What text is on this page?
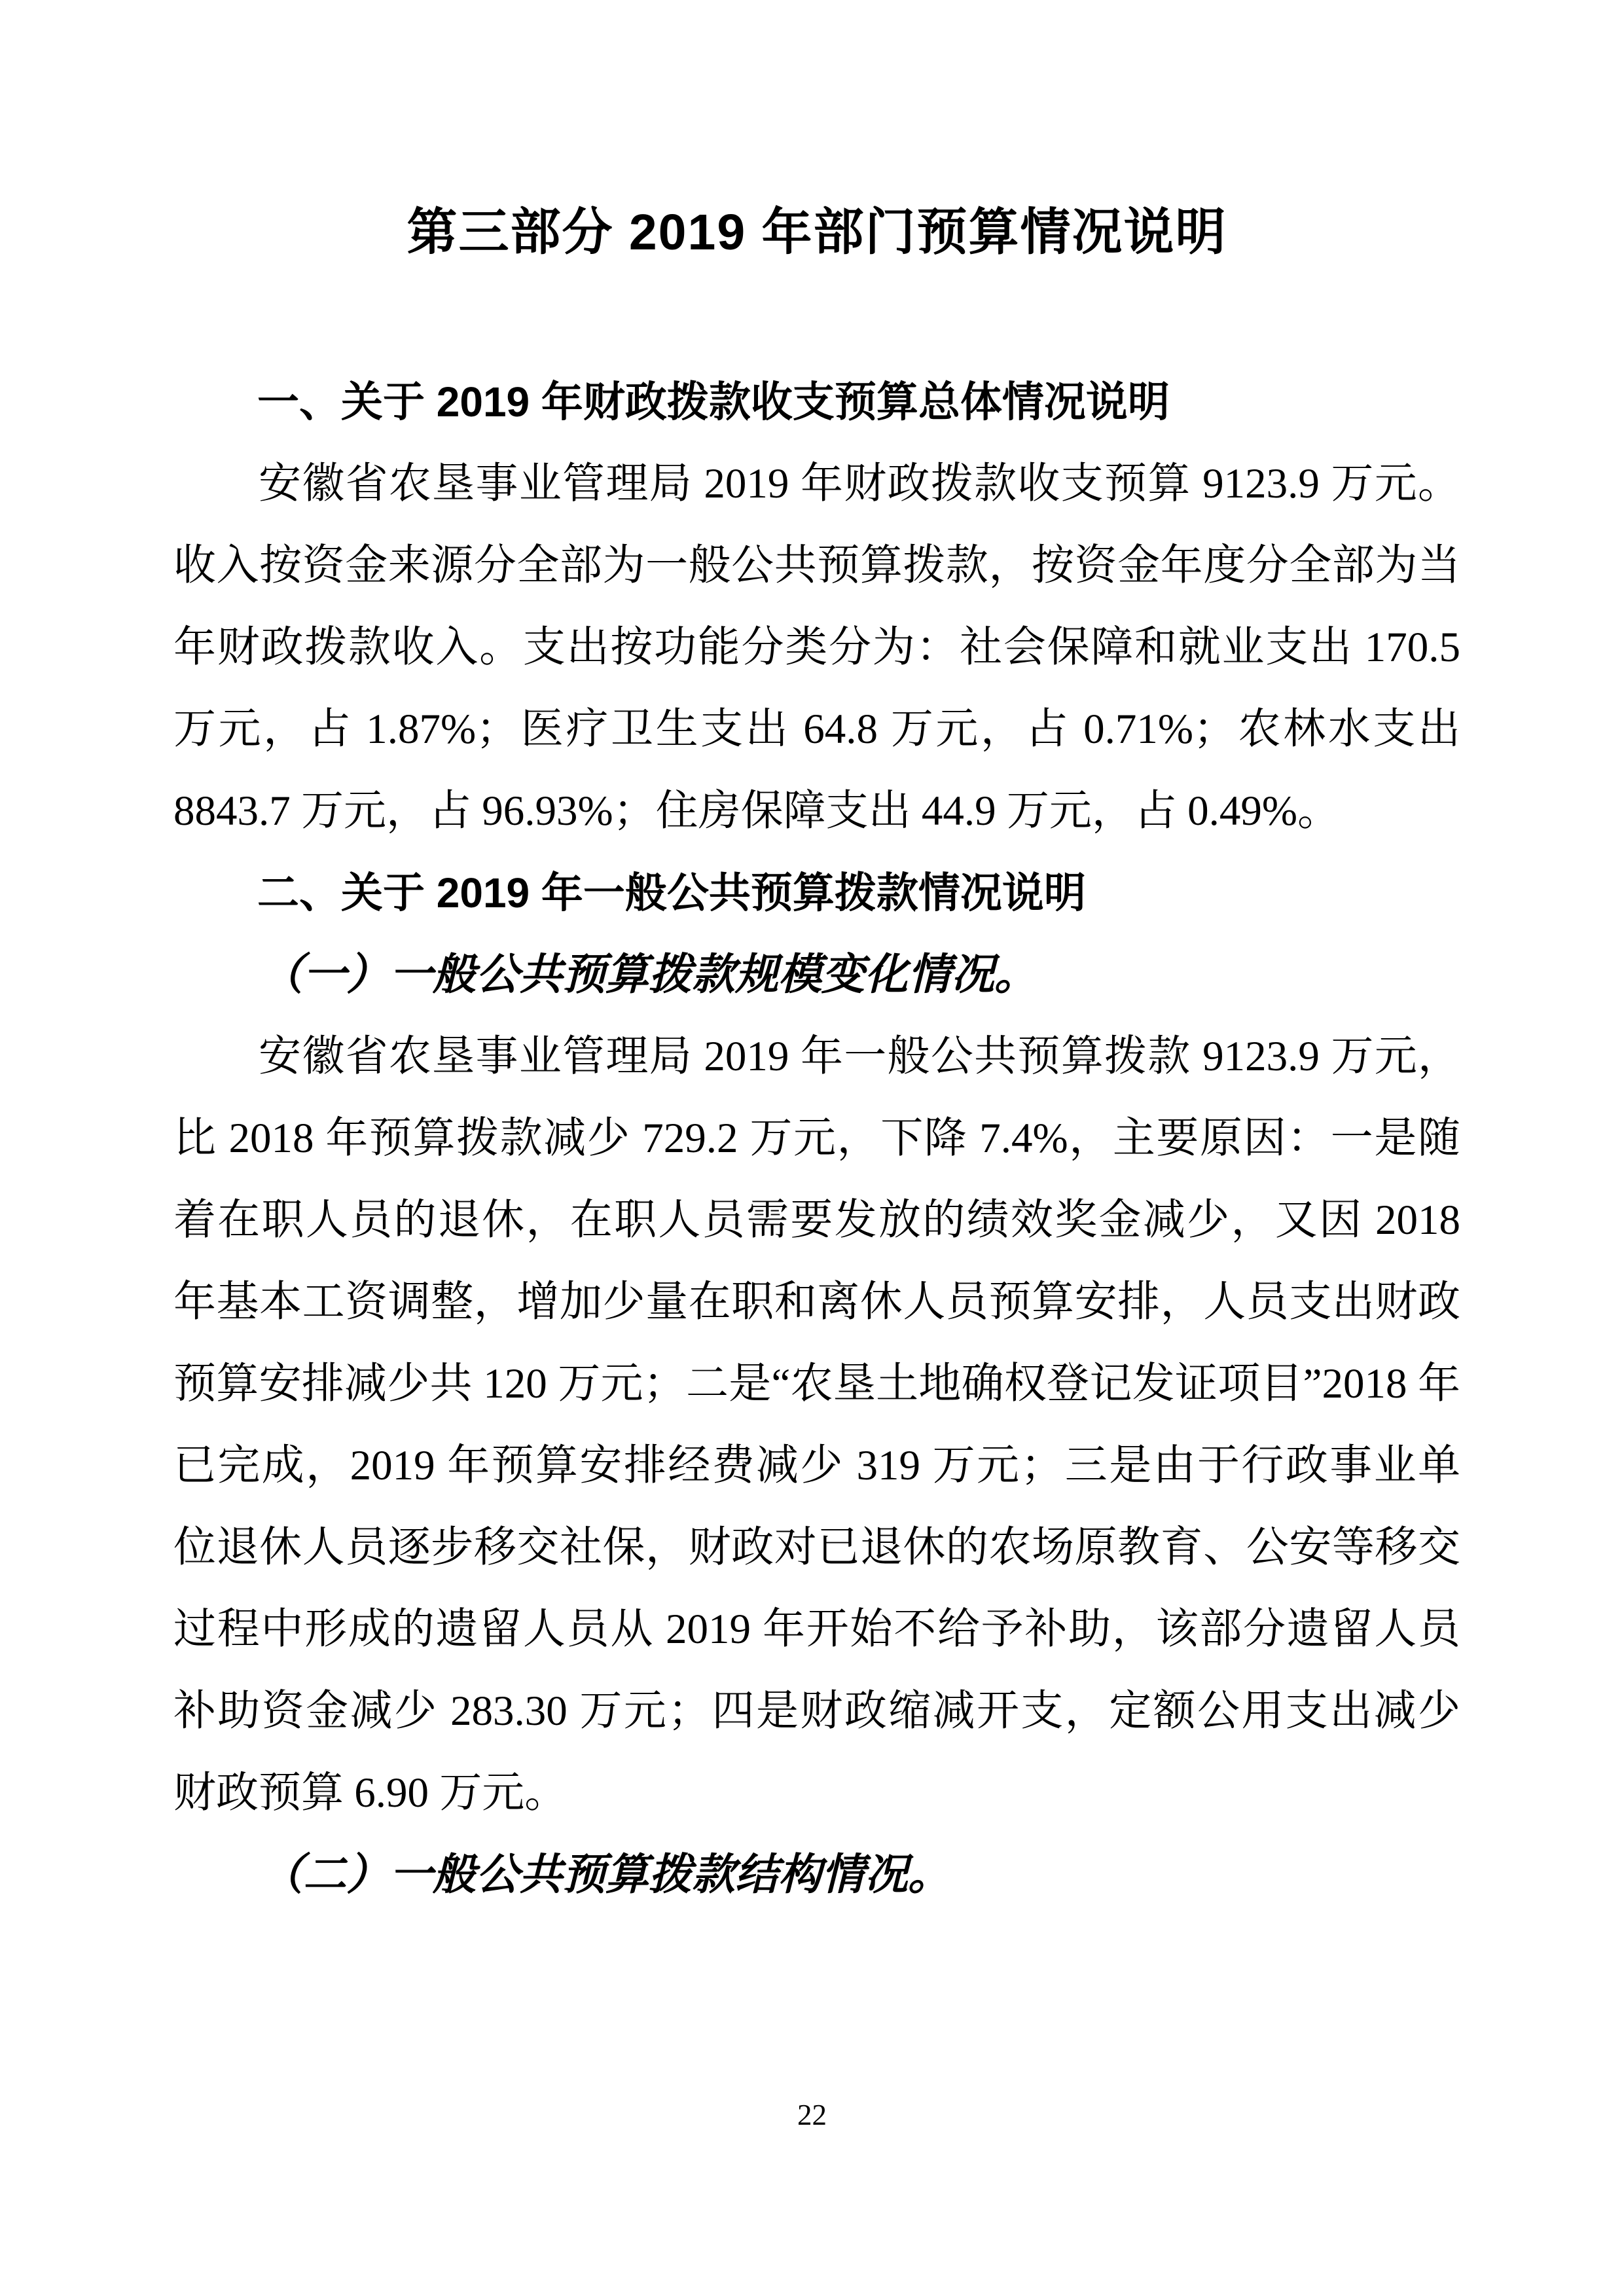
第三部分 2019 年部门预算情况说明
一、关于 2019 年财政拨款收支预算总体情况说明

安徽省农垦事业管理局 2019 年财政拨款收支预算 9123.9 万元。收入按资金来源分全部为一般公共预算拨款，按资金年度分全部为当年财政拨款收入。支出按功能分类分为：社会保障和就业支出 170.5 万元，占 1.87%；医疗卫生支出 64.8 万元，占 0.71%；农林水支出 8843.7 万元，占 96.93%；住房保障支出 44.9 万元，占 0.49%。

二、关于 2019 年一般公共预算拨款情况说明
（一）一般公共预算拨款规模变化情况。

安徽省农垦事业管理局 2019 年一般公共预算拨款 9123.9 万元，比 2018 年预算拨款减少 729.2 万元，下降 7.4%，主要原因：一是随着在职人员的退休，在职人员需要发放的绩效奖金减少，又因 2018 年基本工资调整，增加少量在职和离休人员预算安排，人员支出财政预算安排减少共 120 万元；二是“农垦土地确权登记发证项目”2018 年已完成，2019 年预算安排经费减少 319 万元；三是由于行政事业单位退休人员逐步移交社保，财政对已退休的农场原教育、公安等移交过程中形成的遗留人员从 2019 年开始不给予补助，该部分遗留人员补助资金减少 283.30 万元；四是财政缩减开支，定额公用支出减少财政预算 6.90 万元。

（二）一般公共预算拨款结构情况。
22
